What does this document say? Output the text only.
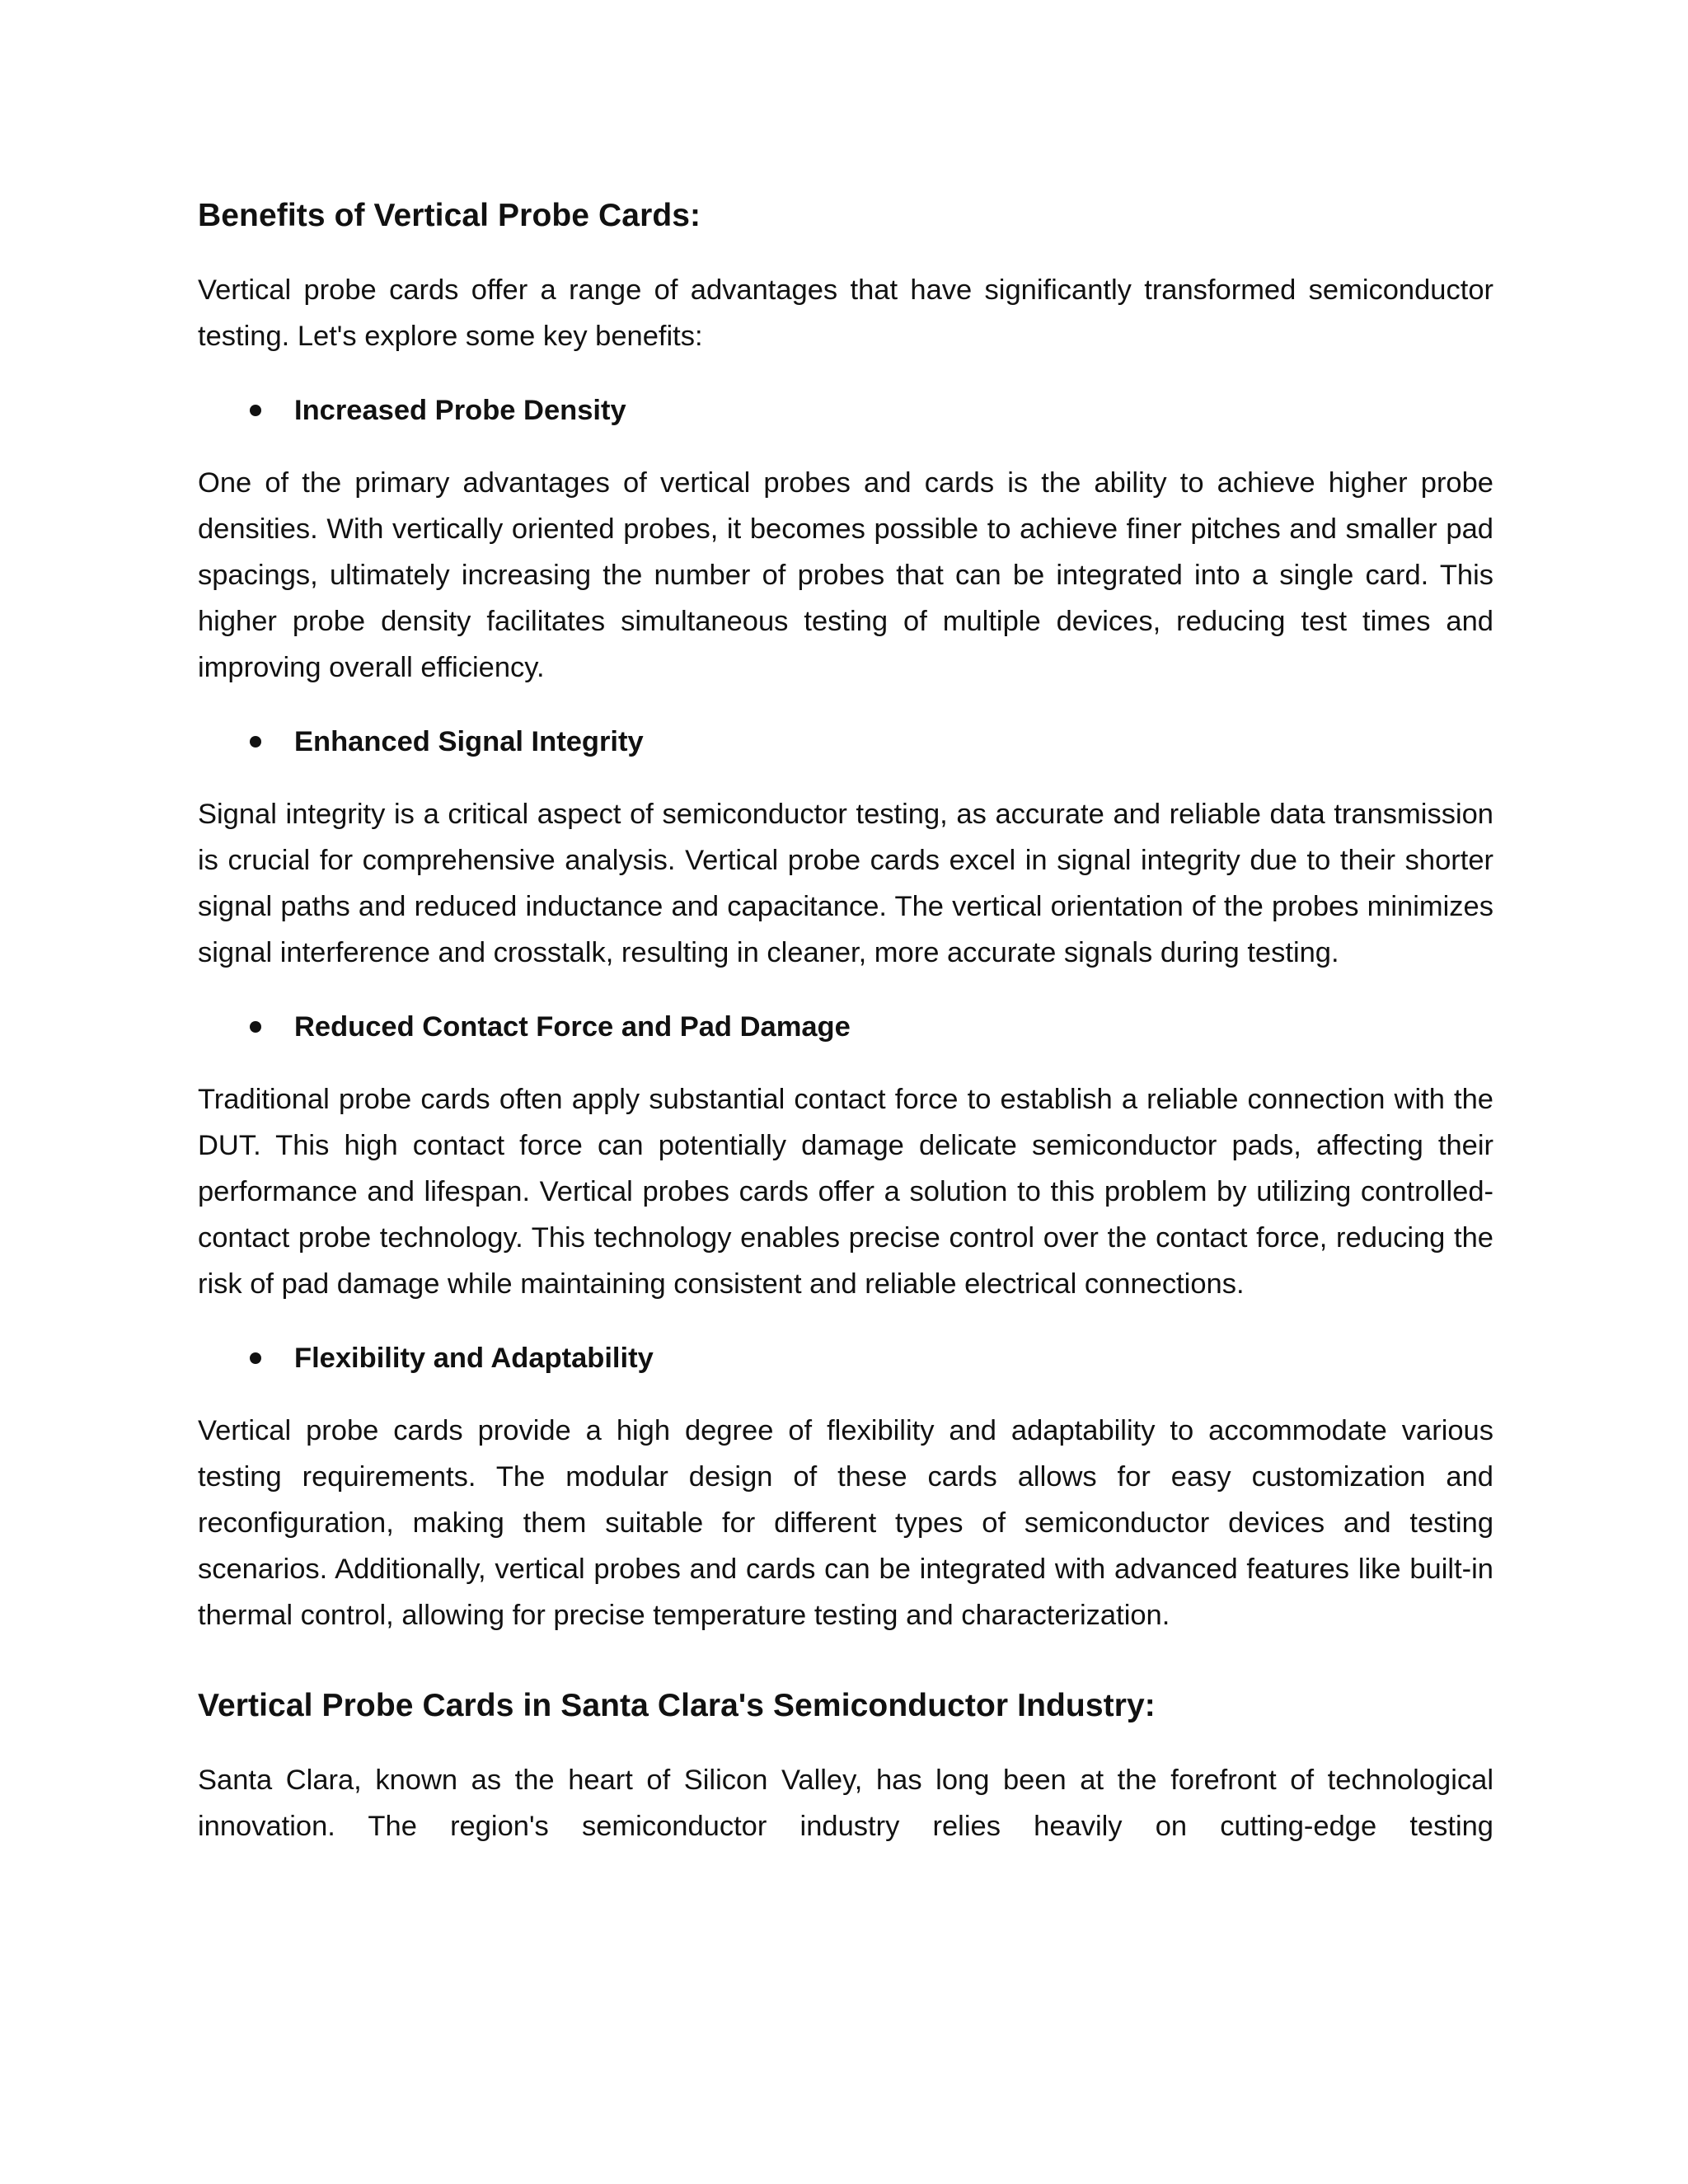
Benefits of Vertical Probe Cards:

Vertical probe cards offer a range of advantages that have significantly transformed semiconductor testing. Let's explore some key benefits:

Increased Probe Density

One of the primary advantages of vertical probes and cards is the ability to achieve higher probe densities. With vertically oriented probes, it becomes possible to achieve finer pitches and smaller pad spacings, ultimately increasing the number of probes that can be integrated into a single card. This higher probe density facilitates simultaneous testing of multiple devices, reducing test times and improving overall efficiency.

Enhanced Signal Integrity

Signal integrity is a critical aspect of semiconductor testing, as accurate and reliable data transmission is crucial for comprehensive analysis. Vertical probe cards excel in signal integrity due to their shorter signal paths and reduced inductance and capacitance. The vertical orientation of the probes minimizes signal interference and crosstalk, resulting in cleaner, more accurate signals during testing.

Reduced Contact Force and Pad Damage

Traditional probe cards often apply substantial contact force to establish a reliable connection with the DUT. This high contact force can potentially damage delicate semiconductor pads, affecting their performance and lifespan. Vertical probes cards offer a solution to this problem by utilizing controlled-contact probe technology. This technology enables precise control over the contact force, reducing the risk of pad damage while maintaining consistent and reliable electrical connections.

Flexibility and Adaptability

Vertical probe cards provide a high degree of flexibility and adaptability to accommodate various testing requirements. The modular design of these cards allows for easy customization and reconfiguration, making them suitable for different types of semiconductor devices and testing scenarios. Additionally, vertical probes and cards can be integrated with advanced features like built-in thermal control, allowing for precise temperature testing and characterization.

Vertical Probe Cards in Santa Clara's Semiconductor Industry:

Santa Clara, known as the heart of Silicon Valley, has long been at the forefront of technological innovation. The region's semiconductor industry relies heavily on cutting-edge testing
